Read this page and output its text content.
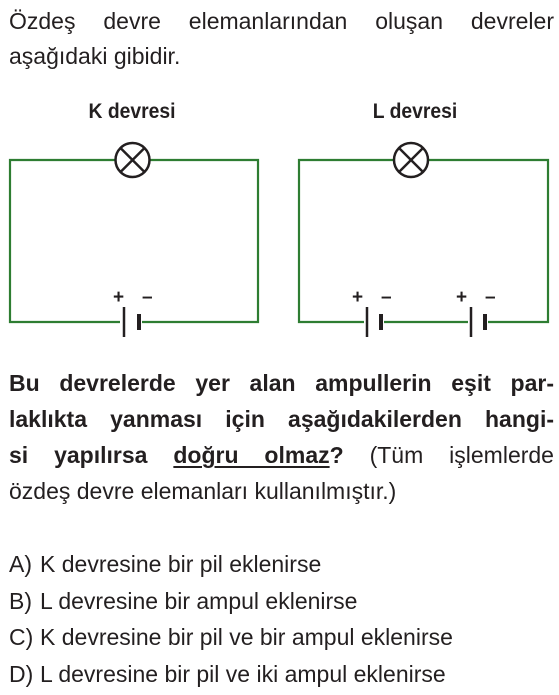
Özdeş devre elemanlarından oluşan devreler
aşağıdaki gibidir.

K devresi	L devresi
+ –	+ –	+ –
Bu devrelerde yer alan ampullerin eşit par-
laklıkta yanması için aşağıdakilerden hangi-
si yapılırsa doğru olmaz? (Tüm işlemlerde
özdeş devre elemanları kullanılmıştır.)
A) K devresine bir pil eklenirse
B) L devresine bir ampul eklenirse
C) K devresine bir pil ve bir ampul eklenirse
D) L devresine bir pil ve iki ampul eklenirse
